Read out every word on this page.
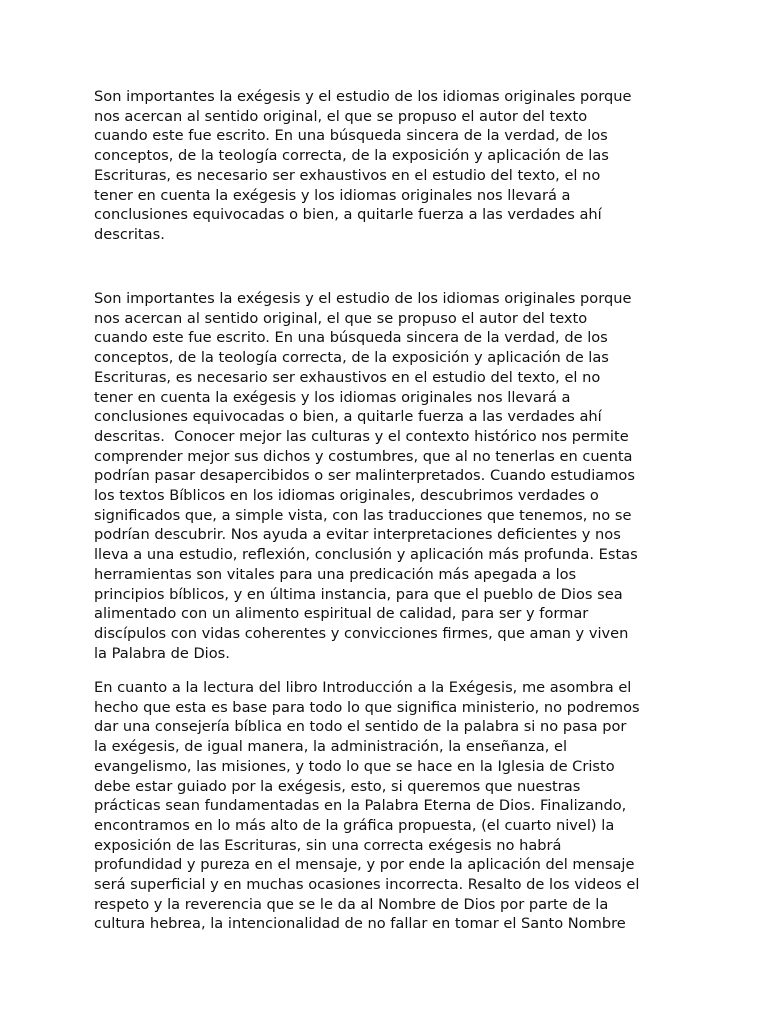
Son importantes la exégesis y el estudio de los idiomas originales porque
nos acercan al sentido original, el que se propuso el autor del texto
cuando este fue escrito. En una búsqueda sincera de la verdad, de los
conceptos, de la teología correcta, de la exposición y aplicación de las
Escrituras, es necesario ser exhaustivos en el estudio del texto, el no
tener en cuenta la exégesis y los idiomas originales nos llevará a
conclusiones equivocadas o bien, a quitarle fuerza a las verdades ahí
descritas.
Son importantes la exégesis y el estudio de los idiomas originales porque
nos acercan al sentido original, el que se propuso el autor del texto
cuando este fue escrito. En una búsqueda sincera de la verdad, de los
conceptos, de la teología correcta, de la exposición y aplicación de las
Escrituras, es necesario ser exhaustivos en el estudio del texto, el no
tener en cuenta la exégesis y los idiomas originales nos llevará a
conclusiones equivocadas o bien, a quitarle fuerza a las verdades ahí
descritas.  Conocer mejor las culturas y el contexto histórico nos permite
comprender mejor sus dichos y costumbres, que al no tenerlas en cuenta
podrían pasar desapercibidos o ser malinterpretados. Cuando estudiamos
los textos Bíblicos en los idiomas originales, descubrimos verdades o
significados que, a simple vista, con las traducciones que tenemos, no se
podrían descubrir. Nos ayuda a evitar interpretaciones deficientes y nos
lleva a una estudio, reflexión, conclusión y aplicación más profunda. Estas
herramientas son vitales para una predicación más apegada a los
principios bíblicos, y en última instancia, para que el pueblo de Dios sea
alimentado con un alimento espiritual de calidad, para ser y formar
discípulos con vidas coherentes y convicciones firmes, que aman y viven
la Palabra de Dios.
En cuanto a la lectura del libro Introducción a la Exégesis, me asombra el
hecho que esta es base para todo lo que significa ministerio, no podremos
dar una consejería bíblica en todo el sentido de la palabra si no pasa por
la exégesis, de igual manera, la administración, la enseñanza, el
evangelismo, las misiones, y todo lo que se hace en la Iglesia de Cristo
debe estar guiado por la exégesis, esto, si queremos que nuestras
prácticas sean fundamentadas en la Palabra Eterna de Dios. Finalizando,
encontramos en lo más alto de la gráfica propuesta, (el cuarto nivel) la
exposición de las Escrituras, sin una correcta exégesis no habrá
profundidad y pureza en el mensaje, y por ende la aplicación del mensaje
será superficial y en muchas ocasiones incorrecta. Resalto de los videos el
respeto y la reverencia que se le da al Nombre de Dios por parte de la
cultura hebrea, la intencionalidad de no fallar en tomar el Santo Nombre
